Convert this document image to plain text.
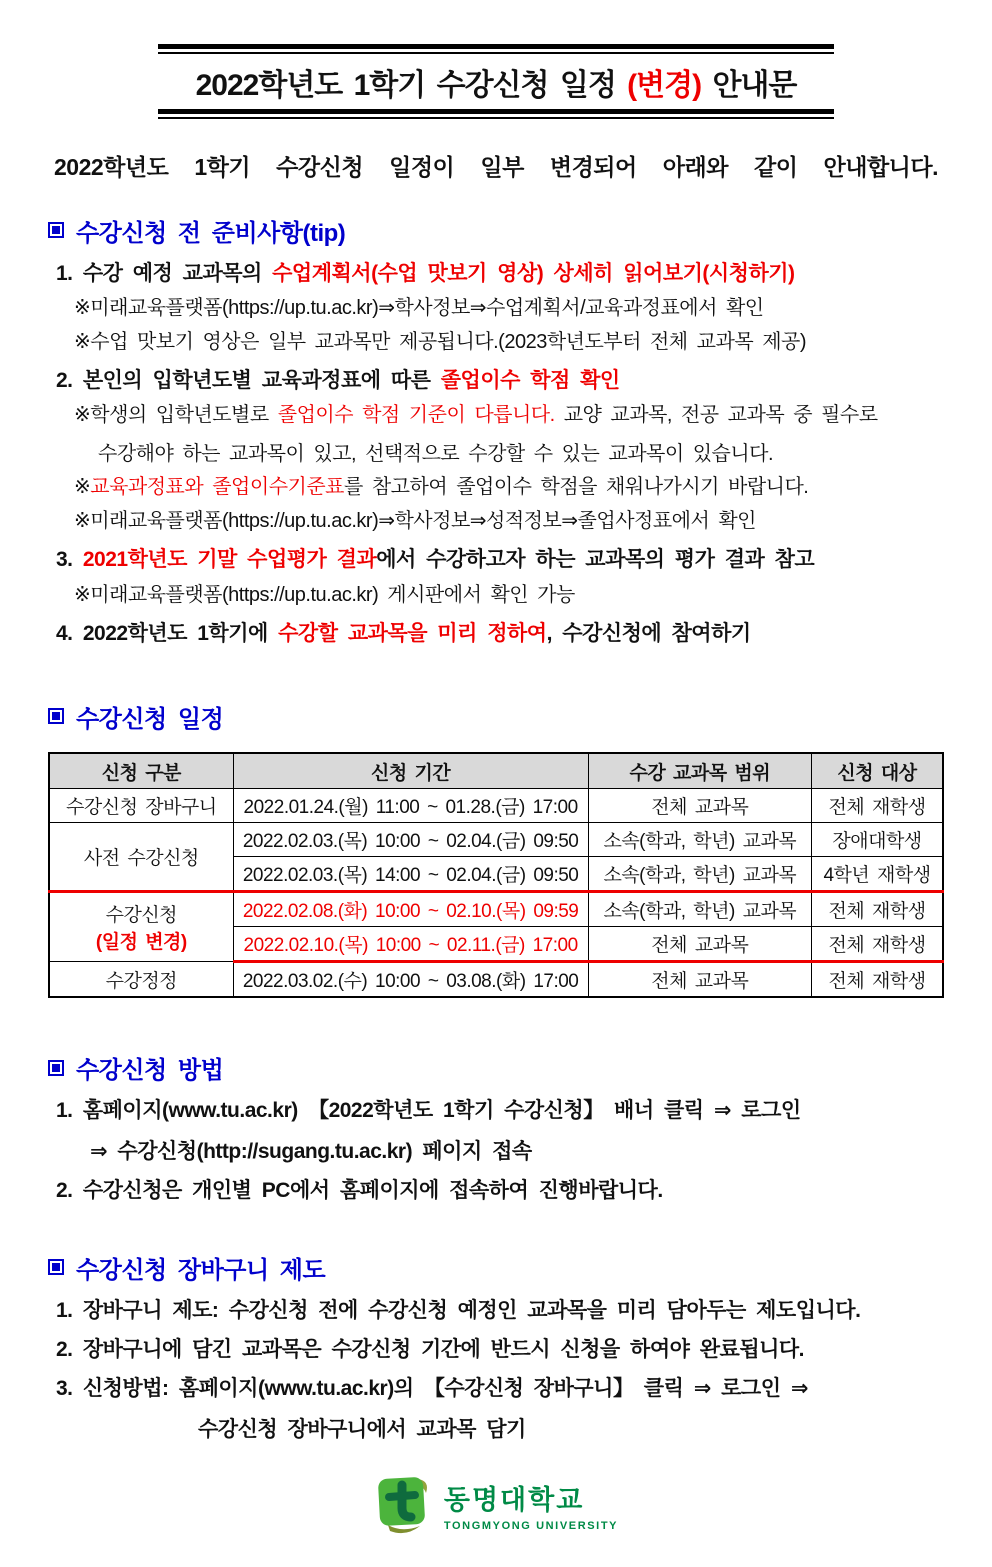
2022학년도 1학기 수강신청 일정 (변경) 안내문

2022학년도 1학기 수강신청 일정이 일부 변경되어 아래와 같이 안내합니다.

수강신청 전 준비사항(tip)

1. 수강 예정 교과목의 수업계획서(수업 맛보기 영상) 상세히 읽어보기(시청하기)

※미래교육플랫폼(https://up.tu.ac.kr)⇒학사정보⇒수업계획서/교육과정표에서 확인

※수업 맛보기 영상은 일부 교과목만 제공됩니다.(2023학년도부터 전체 교과목 제공)

2. 본인의 입학년도별 교육과정표에 따른 졸업이수 학점 확인

※학생의 입학년도별로 졸업이수 학점 기준이 다릅니다. 교양 교과목, 전공 교과목 중 필수로

수강해야 하는 교과목이 있고, 선택적으로 수강할 수 있는 교과목이 있습니다.

※교육과정표와 졸업이수기준표를 참고하여 졸업이수 학점을 채워나가시기 바랍니다.

※미래교육플랫폼(https://up.tu.ac.kr)⇒학사정보⇒성적정보⇒졸업사정표에서 확인

3. 2021학년도 기말 수업평가 결과에서 수강하고자 하는 교과목의 평가 결과 참고

※미래교육플랫폼(https://up.tu.ac.kr) 게시판에서 확인 가능

4. 2022학년도 1학기에 수강할 교과목을 미리 정하여, 수강신청에 참여하기

수강신청 일정
신청 구분	신청 기간	수강 교과목 범위	신청 대상
수강신청 장바구니	2022.01.24.(월) 11:00 ~ 01.28.(금) 17:00	전체 교과목	전체 재학생
사전 수강신청	2022.02.03.(목) 10:00 ~ 02.04.(금) 09:50	소속(학과, 학년) 교과목	장애대학생
	2022.02.03.(목) 14:00 ~ 02.04.(금) 09:50	소속(학과, 학년) 교과목	4학년 재학생
수강신청
(일정 변경)	2022.02.08.(화) 10:00 ~ 02.10.(목) 09:59	소속(학과, 학년) 교과목	전체 재학생
	2022.02.10.(목) 10:00 ~ 02.11.(금) 17:00	전체 교과목	전체 재학생
수강정정	2022.03.02.(수) 10:00 ~ 03.08.(화) 17:00	전체 교과목	전체 재학생
수강신청 방법

1. 홈페이지(www.tu.ac.kr) 【2022학년도 1학기 수강신청】 배너 클릭 ⇒ 로그인

⇒ 수강신청(http://sugang.tu.ac.kr) 페이지 접속

2. 수강신청은 개인별 PC에서 홈페이지에 접속하여 진행바랍니다.

수강신청 장바구니 제도

1. 장바구니 제도: 수강신청 전에 수강신청 예정인 교과목을 미리 담아두는 제도입니다.

2. 장바구니에 담긴 교과목은 수강신청 기간에 반드시 신청을 하여야 완료됩니다.

3. 신청방법: 홈페이지(www.tu.ac.kr)의 【수강신청 장바구니】 클릭 ⇒ 로그인 ⇒

수강신청 장바구니에서 교과목 담기

동명대학교
TONGMYONG UNIVERSITY
